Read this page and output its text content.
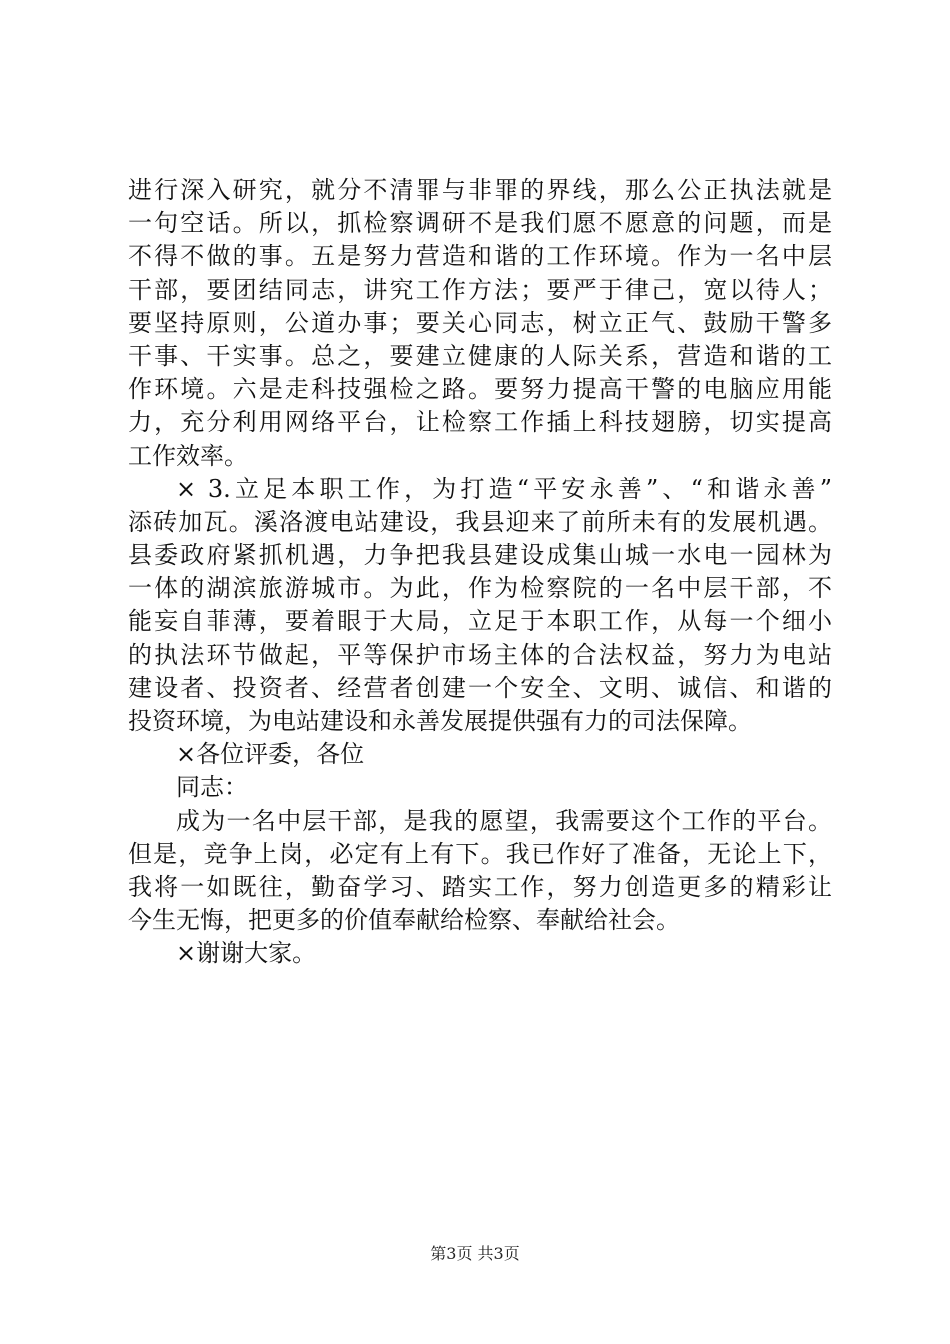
进行深入研究，就分不清罪与非罪的界线，那么公正执法就是
一句空话。所以，抓检察调研不是我们愿不愿意的问题，而是
不得不做的事。五是努力营造和谐的工作环境。作为一名中层
干部，要团结同志，讲究工作方法；要严于律己，宽以待人；
要坚持原则，公道办事；要关心同志，树立正气、鼓励干警多
干事、干实事。总之，要建立健康的人际关系，营造和谐的工
作环境。六是走科技强检之路。要努力提高干警的电脑应用能
力，充分利用网络平台，让检察工作插上科技翅膀，切实提高
工作效率。
× 3.立足本职工作，为打造“平安永善”、“和谐永善”
添砖加瓦。溪洛渡电站建设，我县迎来了前所未有的发展机遇。
县委政府紧抓机遇，力争把我县建设成集山城一水电一园林为
一体的湖滨旅游城市。为此，作为检察院的一名中层干部，不
能妄自菲薄，要着眼于大局，立足于本职工作，从每一个细小
的执法环节做起，平等保护市场主体的合法权益，努力为电站
建设者、投资者、经营者创建一个安全、文明、诚信、和谐的
投资环境，为电站建设和永善发展提供强有力的司法保障。
×各位评委，各位
同志：
成为一名中层干部，是我的愿望，我需要这个工作的平台。
但是，竞争上岗，必定有上有下。我已作好了准备，无论上下，
我将一如既往，勤奋学习、踏实工作，努力创造更多的精彩让
今生无悔，把更多的价值奉献给检察、奉献给社会。
×谢谢大家。
第3页 共3页
